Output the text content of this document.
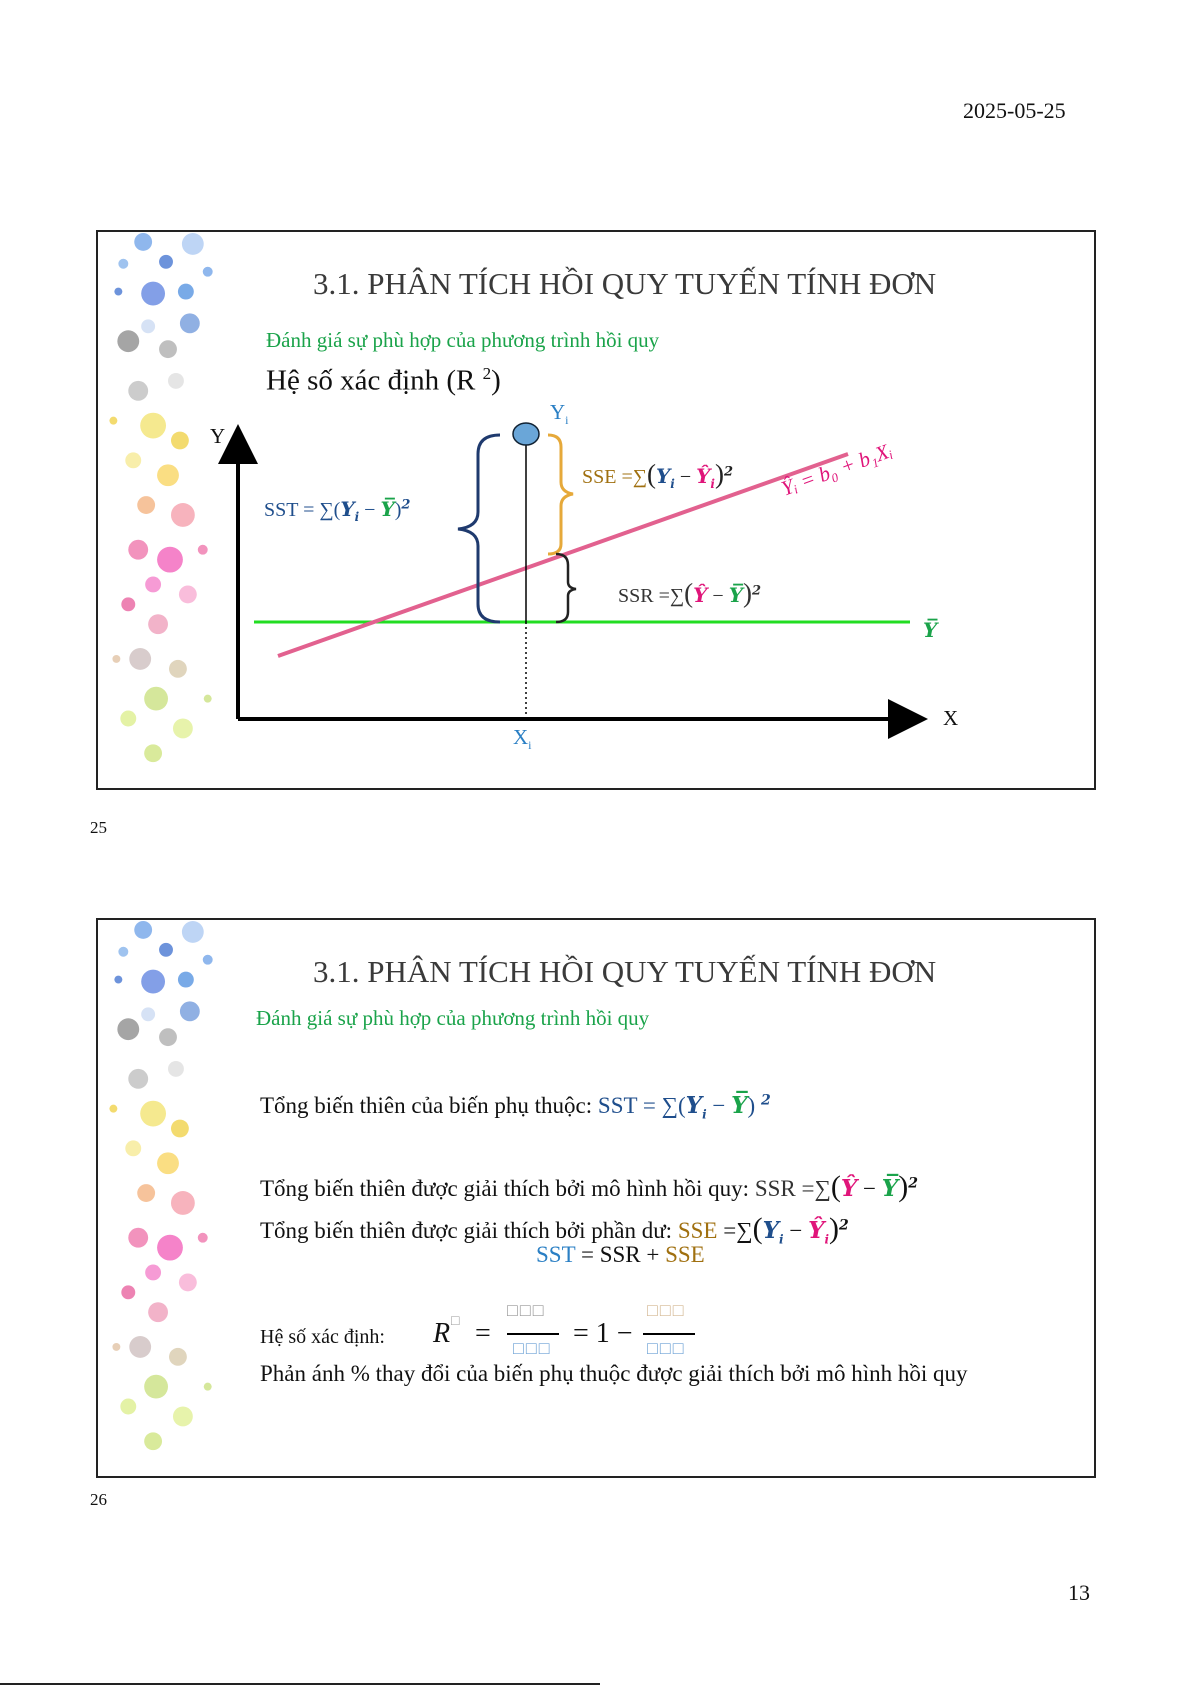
2025-05-25
3.1. PHÂN TÍCH HỒI QUY TUYẾN TÍNH ĐƠN
Đánh giá sự phù hợp của phương trình hồi quy
Hệ số xác định (R $^2$)
Y
X
$Y_i$
$X_i$
SST = $\sum(Y_i$ − Y̅)$^2$
SSE $=\sum(Y_i$ − $Ŷ_i)^2$
SSR =∑(Ŷ − Y̅)$^2$
Ŷᵢ = b₀ + b₁Xᵢ
Y̅
25
3.1. PHÂN TÍCH HỒI QUY TUYẾN TÍNH ĐƠN
Đánh giá sự phù hợp của phương trình hồi quy
Tổng biến thiên của biến phụ thuộc: SST = $\sum(Y_i$ − Y̅) $^2$
Tổng biến thiên được giải thích bởi mô hình hồi quy: SSR =∑(Ŷ − Y̅)$^2$
Tổng biến thiên được giải thích bởi phần dư: SSE $=\sum(Y_i$ − $Ŷ_i)^2$
SST = SSR + SSE
Hệ số xác định: R □ =
□□□
□□□ = 1 −
□□□
□□□
Phản ánh % thay đổi của biến phụ thuộc được giải thích bởi mô hình hồi quy
26
13
